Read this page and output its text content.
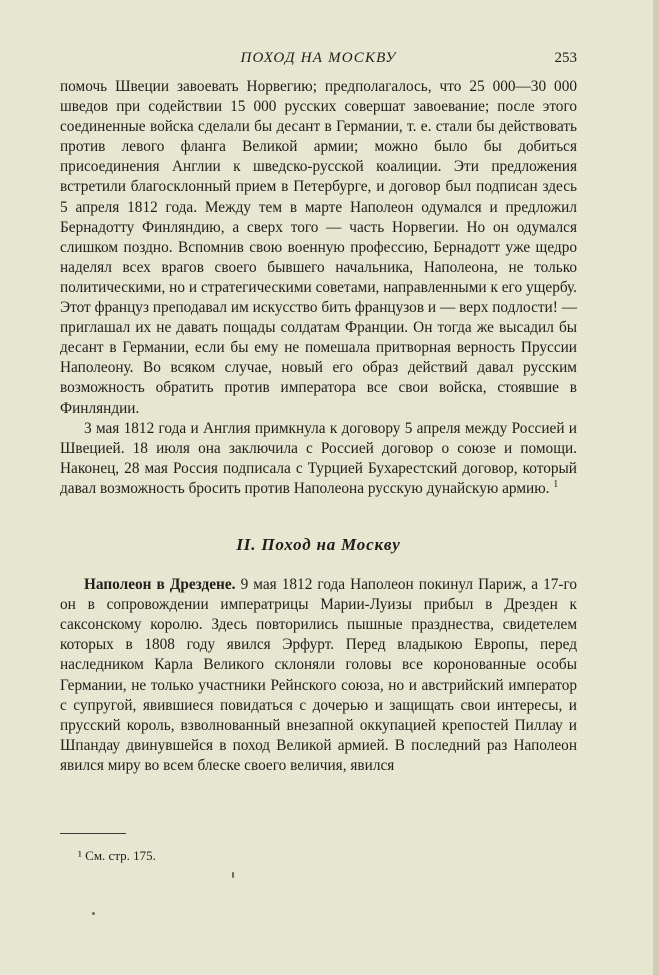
ПОХОД НА МОСКВУ	253

помочь Швеции завоевать Норвегию; предполагалось, что 25 000—30 000 шведов при содействии 15 000 русских совершат завоевание; после этого соединенные войска сделали бы десант в Германии, т. е. стали бы действовать против левого фланга Великой армии; можно было бы добиться присоединения Англии к шведско-русской коалиции. Эти предложения встретили благосклонный прием в Петербурге, и договор был подписан здесь 5 апреля 1812 года. Между тем в марте Наполеон одумался и предложил Бернадотту Финляндию, а сверх того — часть Норвегии. Но он одумался слишком поздно. Вспомнив свою военную профессию, Бернадотт уже щедро наделял всех врагов своего бывшего начальника, Наполеона, не только политическими, но и стратегическими советами, направленными к его ущербу. Этот француз преподавал им искусство бить французов и — верх подлости! — приглашал их не давать пощады солдатам Франции. Он тогда же высадил бы десант в Германии, если бы ему не помешала притворная верность Пруссии Наполеону. Во всяком случае, новый его образ действий давал русским возможность обратить против императора все свои войска, стоявшие в Финляндии.

3 мая 1812 года и Англия примкнула к договору 5 апреля между Россией и Швецией. 18 июля она заключила с Россией договор о союзе и помощи. Наконец, 28 мая Россия подписала с Турцией Бухарестский договор, который давал возможность бросить против Наполеона русскую дунайскую армию. $^1$

II. Поход на Москву

Наполеон в Дрездене. 9 мая 1812 года Наполеон покинул Париж, а 17-го он в сопровождении императрицы Марии-Луизы прибыл в Дрезден к саксонскому королю. Здесь повторились пышные празднества, свидетелем которых в 1808 году явился Эрфурт. Перед владыкою Европы, перед наследником Карла Великого склоняли головы все коронованные особы Германии, не только участники Рейнского союза, но и австрийский император с супругой, явившиеся повидаться с дочерью и защищать свои интересы, и прусский король, взволнованный внезапной оккупацией крепостей Пиллау и Шпандау двинувшейся в поход Великой армией. В последний раз Наполеон явился миру во всем блеске своего величия, явился

¹ См. стр. 175.
